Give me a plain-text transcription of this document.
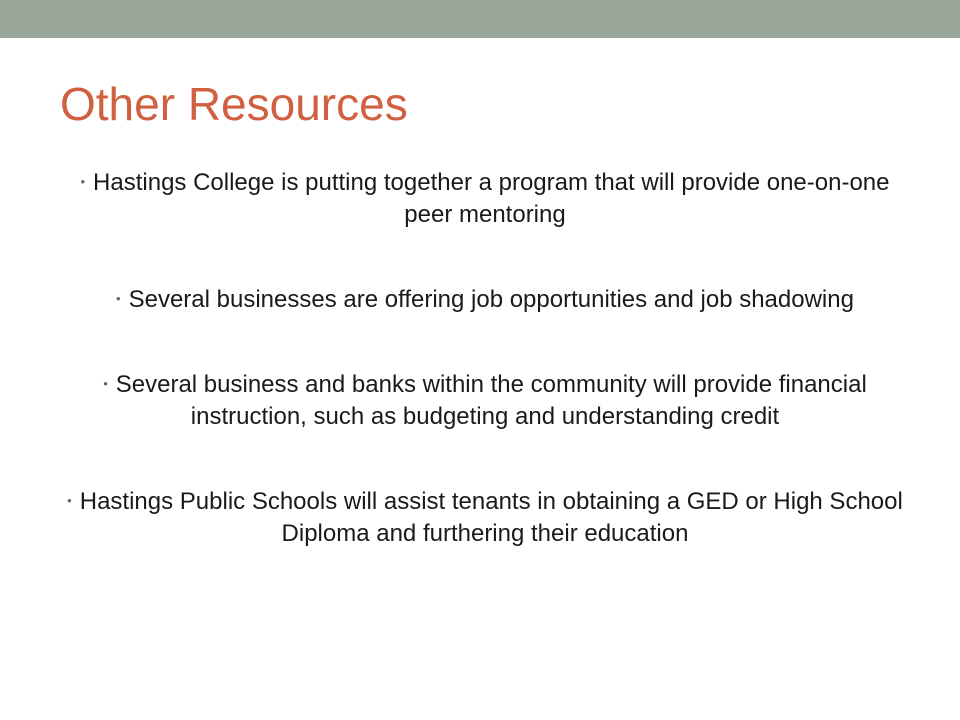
Other Resources
• Hastings College is putting together a program that will provide one-on-one peer mentoring
• Several businesses are offering job opportunities and job shadowing
• Several business and banks within the community will provide financial instruction, such as budgeting and understanding credit
• Hastings Public Schools will assist tenants in obtaining a GED or High School Diploma and furthering their education
